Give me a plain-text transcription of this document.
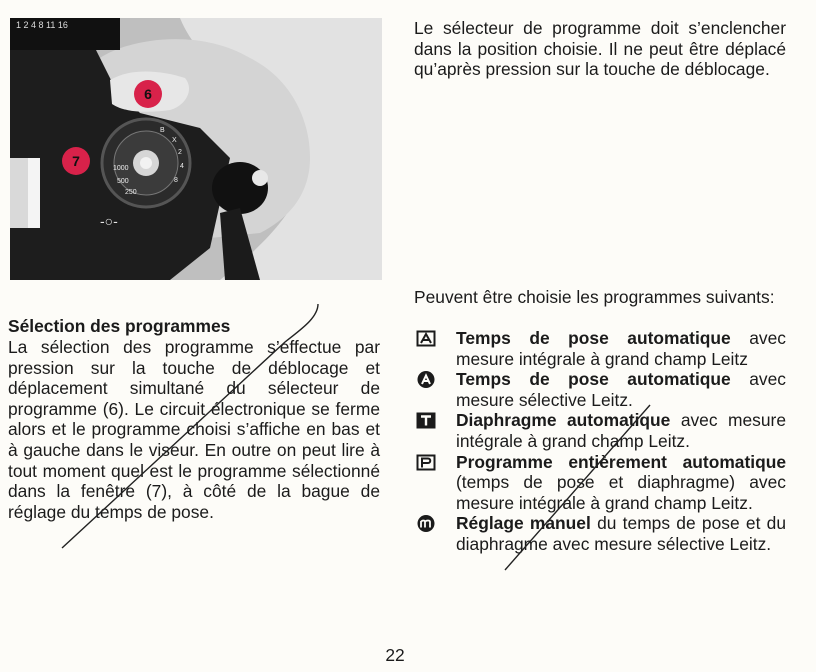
1 2 4 8 11 16
B
X
2
4
8
1000
500
250
-○-
6
7

Le sélecteur de programme doit s’enclencher dans la position choisie. Il ne peut être déplacé qu’après pression sur la touche de déblocage.

Sélection des programmes

La sélection des programme s’effectue par pression sur la touche de déblocage et déplacement simultané du sélecteur de programme (6). Le circuit électronique se ferme alors et le programme choisi s’affiche en bas et à gauche dans le viseur. En outre on peut lire à tout moment quel est le programme sélectionné dans la fenêtre (7), à côté de la bague de réglage du temps de pose.

Peuvent être choisie les programmes suivants:

Temps de pose automatique avec mesure intégrale à grand champ Leitz

Temps de pose automatique avec mesure sélective Leitz.

Diaphragme automatique avec mesure intégrale à grand champ Leitz.

Programme entièrement automatique (temps de pose et diaphragme) avec mesure intégrale à grand champ Leitz.

Réglage manuel du temps de pose et du diaphragme avec mesure sélective Leitz.

22
